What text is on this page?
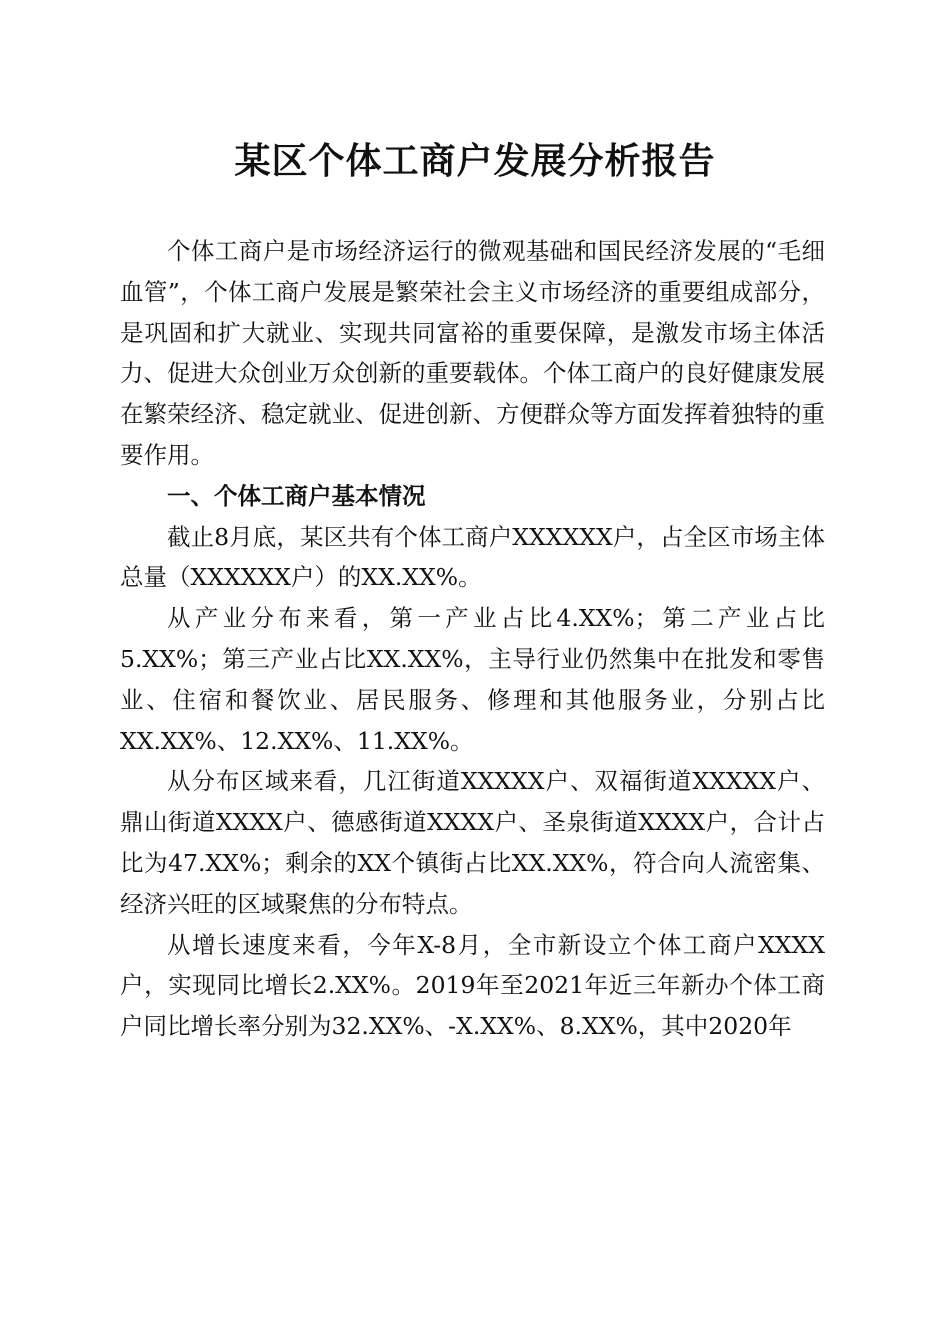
某区个体工商户发展分析报告

个体工商户是市场经济运行的微观基础和国民经济发展的“毛细血管”，个体工商户发展是繁荣社会主义市场经济的重要组成部分，是巩固和扩大就业、实现共同富裕的重要保障，是激发市场主体活力、促进大众创业万众创新的重要载体。个体工商户的良好健康发展在繁荣经济、稳定就业、促进创新、方便群众等方面发挥着独特的重要作用。

一、个体工商户基本情况

截止8月底，某区共有个体工商户XXXXXX户，占全区市场主体总量（XXXXXX户）的XX.XX%。

从产业分布来看，第一产业占比4.XX%；第二产业占比5.XX%；第三产业占比XX.XX%，主导行业仍然集中在批发和零售业、住宿和餐饮业、居民服务、修理和其他服务业，分别占比XX.XX%、12.XX%、11.XX%。

从分布区域来看，几江街道XXXXX户、双福街道XXXXX户、鼎山街道XXXX户、德感街道XXXX户、圣泉街道XXXX户，合计占比为47.XX%；剩余的XX个镇街占比XX.XX%，符合向人流密集、经济兴旺的区域聚焦的分布特点。

从增长速度来看，今年X-8月，全市新设立个体工商户XXXX户，实现同比增长2.XX%。2019年至2021年近三年新办个体工商户同比增长率分别为32.XX%、-X.XX%、8.XX%，其中2020年
